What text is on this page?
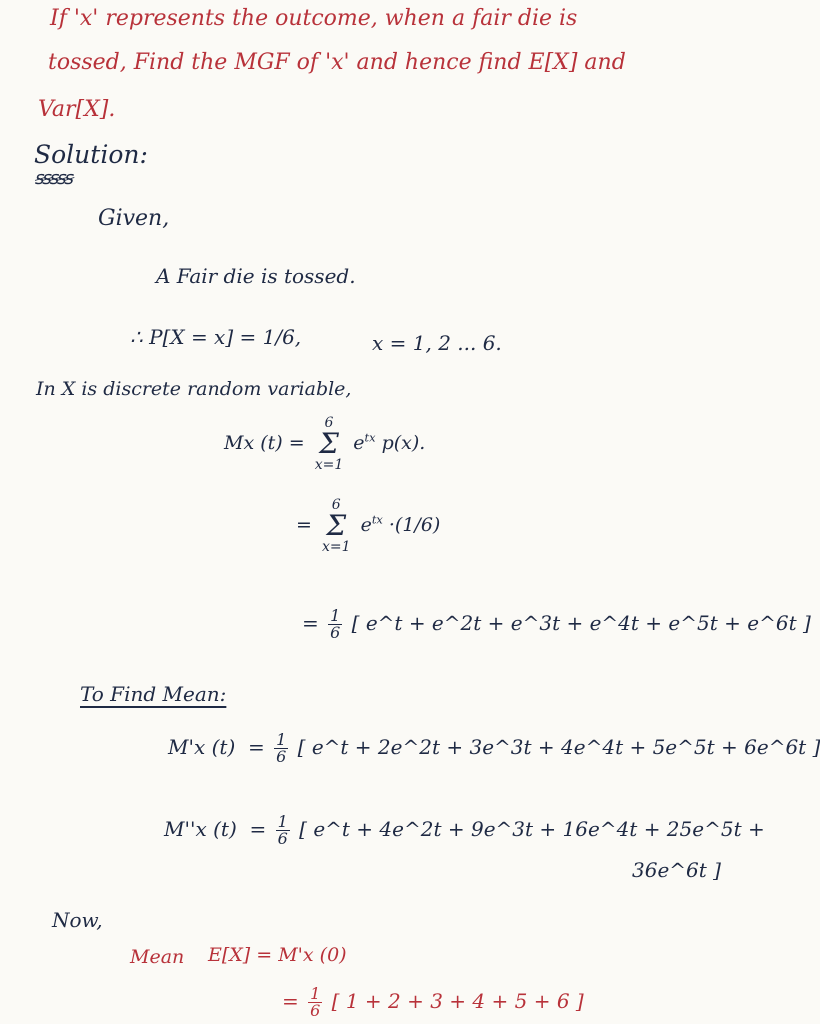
If 'x' represents the outcome, when a fair die is
tossed, Find the MGF of 'x' and hence find E[X] and
Var[X].
Solution:
ꞩꞩꞩꞩꞩ
Given,
A Fair die is tossed.
∴ P[X = x] = 1/6,	x = 1, 2 ... 6.
In X is discrete random variable,
Mx (t) =
6
Σ
x=1
$e^{tx}$ p(x).
=
6
Σ
x=1
$e^{tx} \cdot(1/6)$
= $\frac{1}{6}$ [ e^t + e^2t + e^3t + e^4t + e^5t + e^6t ]
To Find Mean:
M'x $(t) = \frac{1}{6}$ [ e^t + 2e^2t + 3e^3t + 4e^4t + 5e^5t + 6e^6t ]
M''x $(t) = \frac{1}{6}$ [ e^t + 4e^2t + 9e^3t + 16e^4t + 25e^5t +
36e^6t ]
Now,
Mean E[X] = M'x (0)
= $\frac{1}{6}$ [ 1 + 2 + 3 + 4 + 5 + 6 ]
